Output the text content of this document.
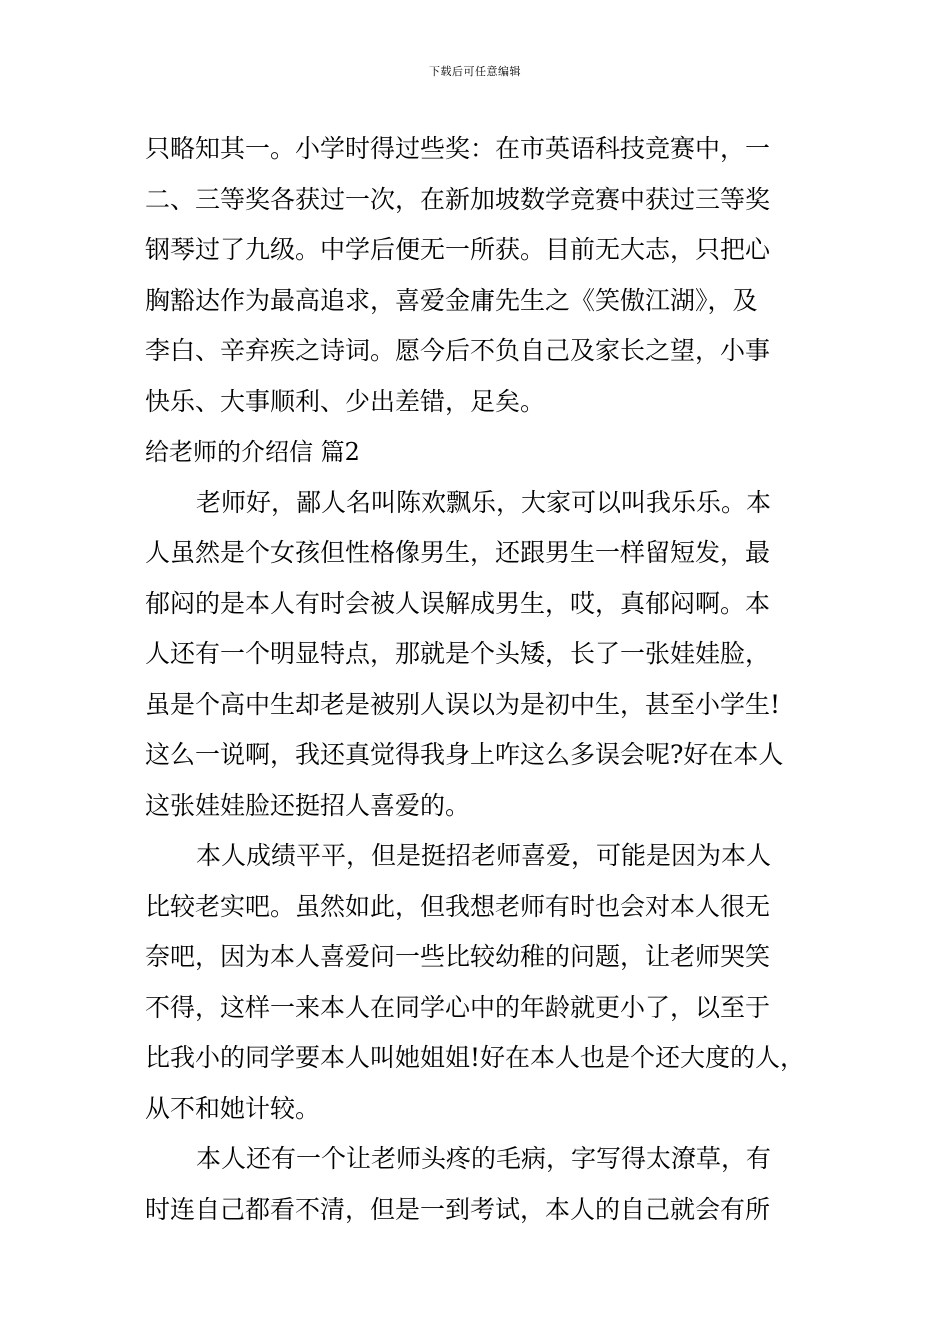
下载后可任意编辑
只略知其一。小学时得过些奖：在市英语科技竞赛中，一
二、三等奖各获过一次，在新加坡数学竞赛中获过三等奖
钢琴过了九级。中学后便无一所获。目前无大志，只把心
胸豁达作为最高追求，喜爱金庸先生之《笑傲江湖》，及
李白、辛弃疾之诗词。愿今后不负自己及家长之望，小事
快乐、大事顺利、少出差错，足矣。
给老师的介绍信 篇2
老师好，鄙人名叫陈欢飘乐，大家可以叫我乐乐。本
人虽然是个女孩但性格像男生，还跟男生一样留短发，最
郁闷的是本人有时会被人误解成男生，哎，真郁闷啊。本
人还有一个明显特点，那就是个头矮，长了一张娃娃脸，
虽是个高中生却老是被别人误以为是初中生，甚至小学生!
这么一说啊，我还真觉得我身上咋这么多误会呢?好在本人
这张娃娃脸还挺招人喜爱的。
本人成绩平平，但是挺招老师喜爱，可能是因为本人
比较老实吧。虽然如此，但我想老师有时也会对本人很无
奈吧，因为本人喜爱问一些比较幼稚的问题，让老师哭笑
不得，这样一来本人在同学心中的年龄就更小了，以至于
比我小的同学要本人叫她姐姐!好在本人也是个还大度的人，
从不和她计较。
本人还有一个让老师头疼的毛病，字写得太潦草，有
时连自己都看不清，但是一到考试，本人的自己就会有所
